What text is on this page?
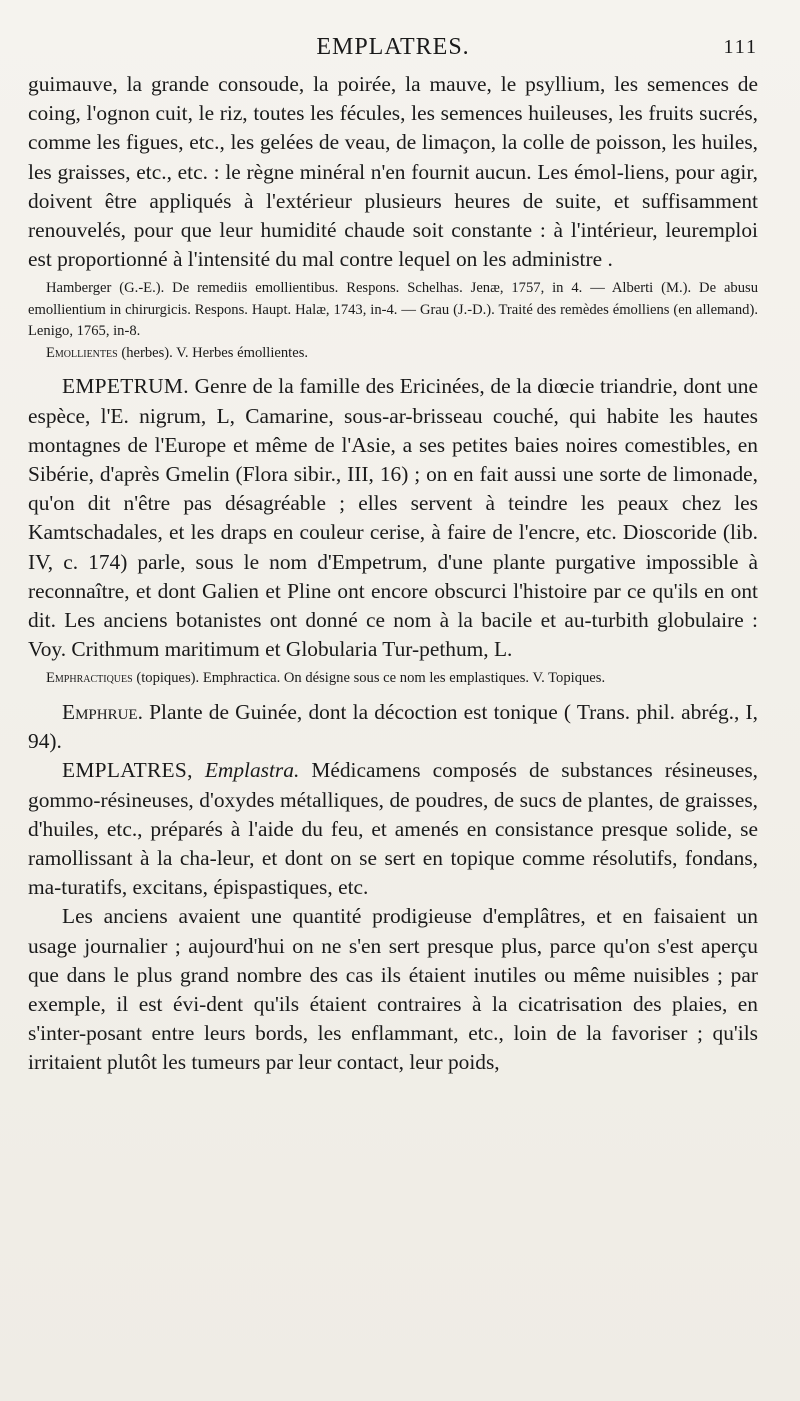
EMPLATRES.	111

guimauve, la grande consoude, la poirée, la mauve, le psyllium, les semences de coing, l'ognon cuit, le riz, toutes les fécules, les semences huileuses, les fruits sucrés, comme les figues, etc., les gelées de veau, de limaçon, la colle de poisson, les huiles, les graisses, etc., etc. : le règne minéral n'en fournit aucun. Les émol-liens, pour agir, doivent être appliqués à l'extérieur plusieurs heures de suite, et suffisamment renouvelés, pour que leur humidité chaude soit constante : à l'intérieur, leuremploi est proportionné à l'intensité du mal contre lequel on les administre .

Hamberger (G.-E.). De remediis emollientibus. Respons. Schelhas. Jenæ, 1757, in 4. — Alberti (M.). De abusu emollientium in chirurgicis. Respons. Haupt. Halæ, 1743, in-4. — Grau (J.-D.). Traité des remèdes émolliens (en allemand). Lenigo, 1765, in-8.

Emollientes (herbes). V. Herbes émollientes.

EMPETRUM. Genre de la famille des Ericinées, de la diœcie triandrie, dont une espèce, l'E. nigrum, L, Camarine, sous-ar-brisseau couché, qui habite les hautes montagnes de l'Europe et même de l'Asie, a ses petites baies noires comestibles, en Sibérie, d'après Gmelin (Flora sibir., III, 16) ; on en fait aussi une sorte de limonade, qu'on dit n'être pas désagréable ; elles servent à teindre les peaux chez les Kamtschadales, et les draps en couleur cerise, à faire de l'encre, etc. Dioscoride (lib. IV, c. 174) parle, sous le nom d'Empetrum, d'une plante purgative impossible à reconnaître, et dont Galien et Pline ont encore obscurci l'histoire par ce qu'ils en ont dit. Les anciens botanistes ont donné ce nom à la bacile et au-turbith globulaire : Voy. Crithmum maritimum et Globularia Tur-pethum, L.

Emphractiques (topiques). Emphractica. On désigne sous ce nom les emplastiques. V. Topiques.

Emphrue. Plante de Guinée, dont la décoction est tonique ( Trans. phil. abrég., I, 94).

EMPLATRES, Emplastra. Médicamens composés de substances résineuses, gommo-résineuses, d'oxydes métalliques, de poudres, de sucs de plantes, de graisses, d'huiles, etc., préparés à l'aide du feu, et amenés en consistance presque solide, se ramollissant à la cha-leur, et dont on se sert en topique comme résolutifs, fondans, ma-turatifs, excitans, épispastiques, etc.

Les anciens avaient une quantité prodigieuse d'emplâtres, et en faisaient un usage journalier ; aujourd'hui on ne s'en sert presque plus, parce qu'on s'est aperçu que dans le plus grand nombre des cas ils étaient inutiles ou même nuisibles ; par exemple, il est évi-dent qu'ils étaient contraires à la cicatrisation des plaies, en s'inter-posant entre leurs bords, les enflammant, etc., loin de la favoriser ; qu'ils irritaient plutôt les tumeurs par leur contact, leur poids,
